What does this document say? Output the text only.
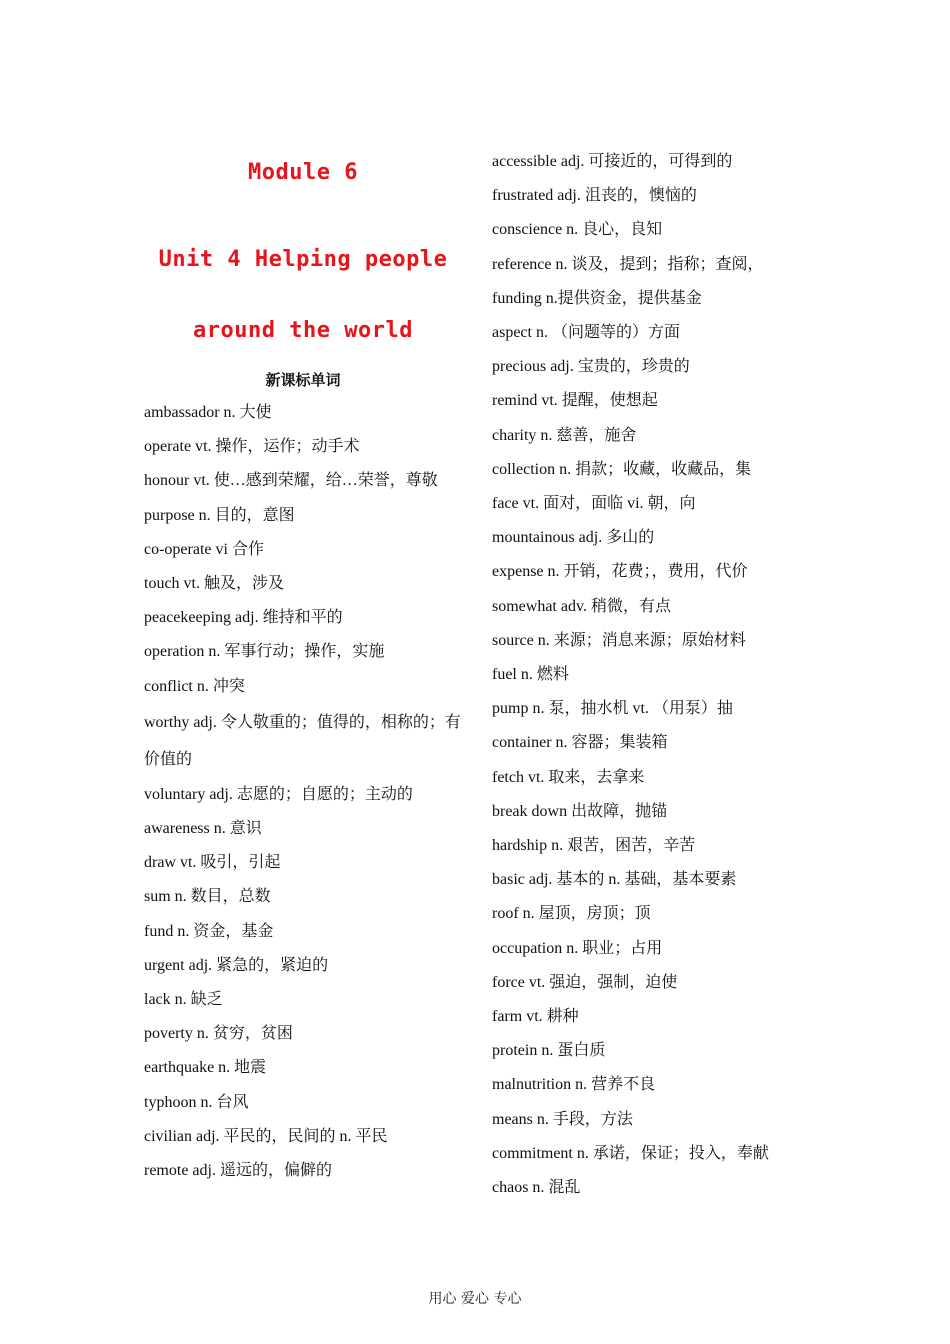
Module 6
Unit 4 Helping people
around the world
新课标单词
ambassador n. 大使
operate vt. 操作，运作；动手术
honour vt. 使…感到荣耀，给…荣誉，尊敬
purpose n. 目的，意图
co-operate vi 合作
touch vt. 触及，涉及
peacekeeping adj. 维持和平的
operation n. 军事行动；操作，实施
conflict n. 冲突
worthy adj. 令人敬重的；值得的，相称的；有价值的
voluntary adj. 志愿的；自愿的；主动的
awareness n. 意识
draw vt. 吸引，引起
sum n. 数目，总数
fund n. 资金，基金
urgent adj. 紧急的，紧迫的
lack n. 缺乏
poverty n. 贫穷，贫困
earthquake n. 地震
typhoon n. 台风
civilian adj. 平民的，民间的 n. 平民
remote adj. 遥远的，偏僻的
accessible adj. 可接近的，可得到的
frustrated adj. 沮丧的，懊恼的
conscience n. 良心，良知
reference n. 谈及，提到；指称；查阅，
funding n.提供资金，提供基金
aspect n. （问题等的）方面
precious adj. 宝贵的，珍贵的
remind vt. 提醒，使想起
charity n. 慈善，施舍
collection n. 捐款；收藏，收藏品，集
face vt. 面对，面临 vi. 朝，向
mountainous adj. 多山的
expense n. 开销，花费；，费用，代价
somewhat adv. 稍微，有点
source n. 来源；消息来源；原始材料
fuel n. 燃料
pump n. 泵，抽水机 vt. （用泵）抽
container n. 容器；集装箱
fetch vt. 取来，去拿来
break down 出故障，抛锚
hardship n. 艰苦，困苦，辛苦
basic adj. 基本的 n. 基础，基本要素
roof n. 屋顶，房顶；顶
occupation n. 职业；占用
force vt. 强迫，强制，迫使
farm vt. 耕种
protein n. 蛋白质
malnutrition n. 营养不良
means n. 手段，方法
commitment n. 承诺，保证；投入，奉献
chaos n. 混乱
用心 爱心 专心
